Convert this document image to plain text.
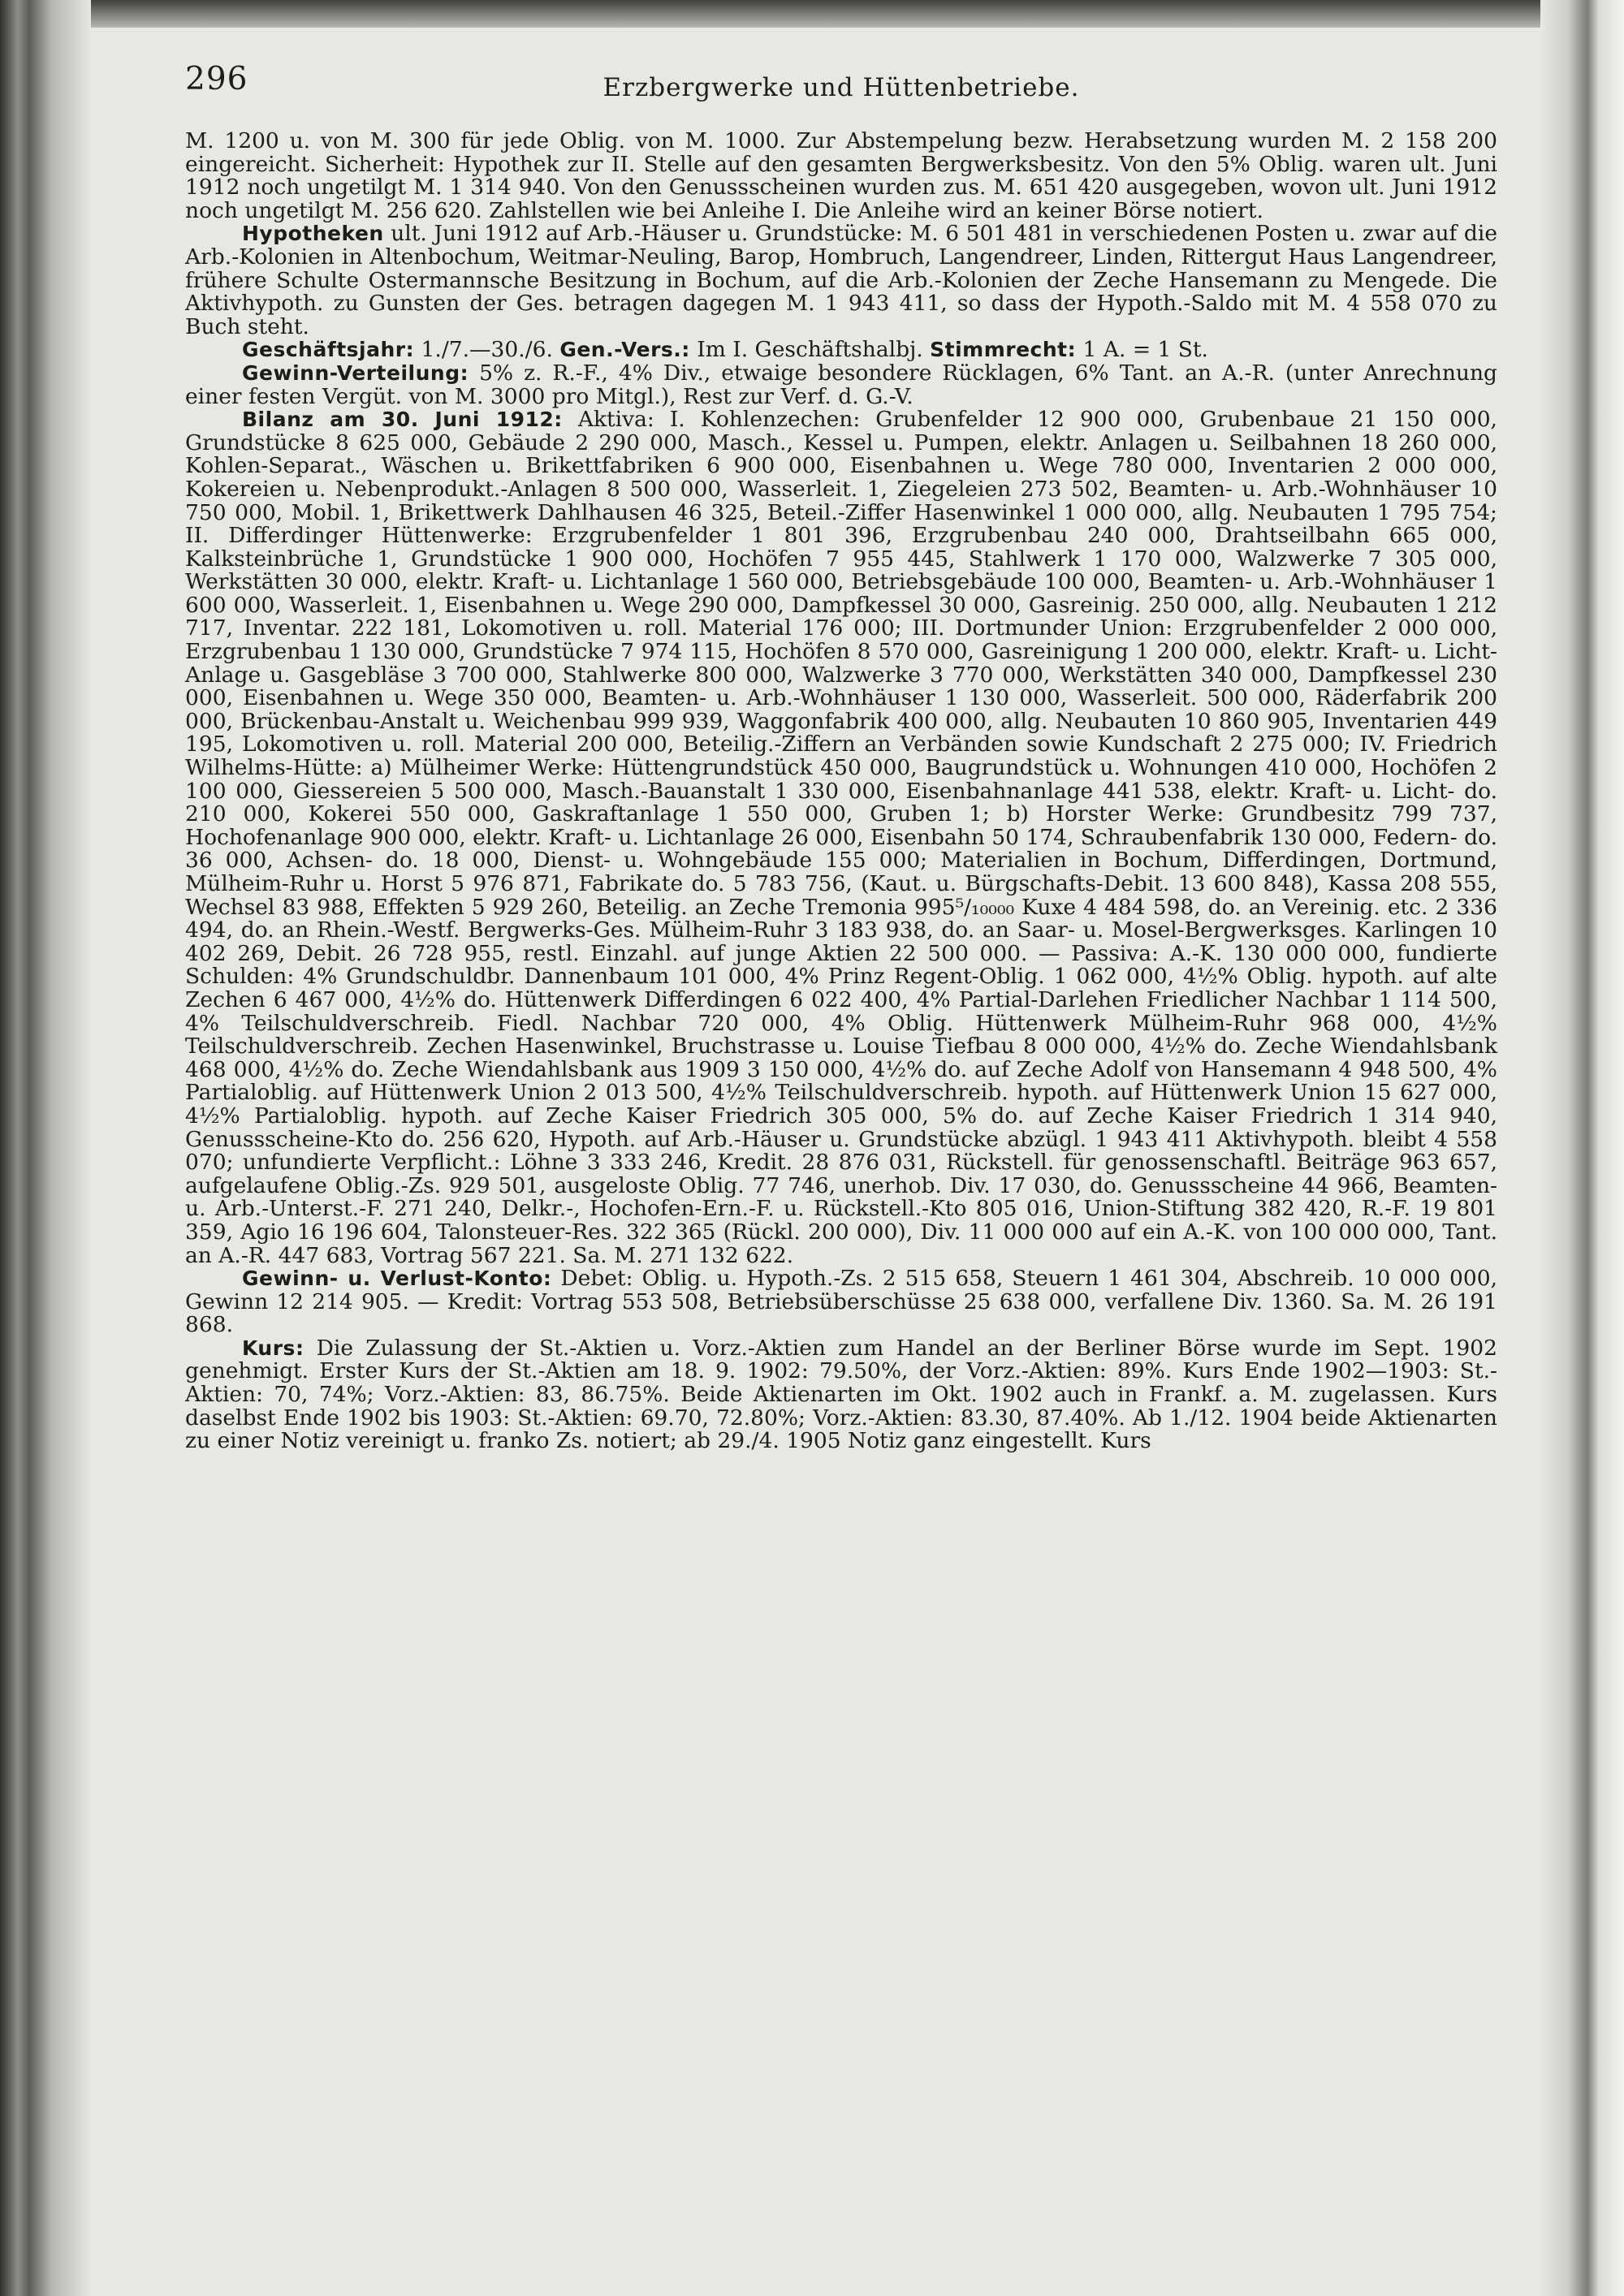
296	Erzbergwerke und Hüttenbetriebe.

M. 1200 u. von M. 300 für jede Oblig. von M. 1000. Zur Abstempelung bezw. Herabsetzung wurden M. 2 158 200 eingereicht. Sicherheit: Hypothek zur II. Stelle auf den gesamten Bergwerksbesitz. Von den 5% Oblig. waren ult. Juni 1912 noch ungetilgt M. 1 314 940. Von den Genussscheinen wurden zus. M. 651 420 ausgegeben, wovon ult. Juni 1912 noch ungetilgt M. 256 620. Zahlstellen wie bei Anleihe I. Die Anleihe wird an keiner Börse notiert.

Hypotheken ult. Juni 1912 auf Arb.-Häuser u. Grundstücke: M. 6 501 481 in verschiedenen Posten u. zwar auf die Arb.-Kolonien in Altenbochum, Weitmar-Neuling, Barop, Hombruch, Langendreer, Linden, Rittergut Haus Langendreer, frühere Schulte Ostermannsche Besitzung in Bochum, auf die Arb.-Kolonien der Zeche Hansemann zu Mengede. Die Aktivhypoth. zu Gunsten der Ges. betragen dagegen M. 1 943 411, so dass der Hypoth.-Saldo mit M. 4 558 070 zu Buch steht.

Geschäftsjahr: 1./7.—30./6. Gen.-Vers.: Im I. Geschäftshalbj. Stimmrecht: 1 A. = 1 St.

Gewinn-Verteilung: 5% z. R.-F., 4% Div., etwaige besondere Rücklagen, 6% Tant. an A.-R. (unter Anrechnung einer festen Vergüt. von M. 3000 pro Mitgl.), Rest zur Verf. d. G.-V.

Bilanz am 30. Juni 1912: Aktiva: I. Kohlenzechen: Grubenfelder 12 900 000, Grubenbaue 21 150 000, Grundstücke 8 625 000, Gebäude 2 290 000, Masch., Kessel u. Pumpen, elektr. Anlagen u. Seilbahnen 18 260 000, Kohlen-Separat., Wäschen u. Brikettfabriken 6 900 000, Eisenbahnen u. Wege 780 000, Inventarien 2 000 000, Kokereien u. Nebenprodukt.-Anlagen 8 500 000, Wasserleit. 1, Ziegeleien 273 502, Beamten- u. Arb.-Wohnhäuser 10 750 000, Mobil. 1, Brikettwerk Dahlhausen 46 325, Beteil.-Ziffer Hasenwinkel 1 000 000, allg. Neubauten 1 795 754; II. Differdinger Hüttenwerke: Erzgrubenfelder 1 801 396, Erzgrubenbau 240 000, Drahtseilbahn 665 000, Kalksteinbrüche 1, Grundstücke 1 900 000, Hochöfen 7 955 445, Stahlwerk 1 170 000, Walzwerke 7 305 000, Werkstätten 30 000, elektr. Kraft- u. Lichtanlage 1 560 000, Betriebsgebäude 100 000, Beamten- u. Arb.-Wohnhäuser 1 600 000, Wasserleit. 1, Eisenbahnen u. Wege 290 000, Dampfkessel 30 000, Gasreinig. 250 000, allg. Neubauten 1 212 717, Inventar. 222 181, Lokomotiven u. roll. Material 176 000; III. Dortmunder Union: Erzgrubenfelder 2 000 000, Erzgrubenbau 1 130 000, Grundstücke 7 974 115, Hochöfen 8 570 000, Gasreinigung 1 200 000, elektr. Kraft- u. Licht-Anlage u. Gasgebläse 3 700 000, Stahlwerke 800 000, Walzwerke 3 770 000, Werkstätten 340 000, Dampfkessel 230 000, Eisenbahnen u. Wege 350 000, Beamten- u. Arb.-Wohnhäuser 1 130 000, Wasserleit. 500 000, Räderfabrik 200 000, Brückenbau-Anstalt u. Weichenbau 999 939, Waggonfabrik 400 000, allg. Neubauten 10 860 905, Inventarien 449 195, Lokomotiven u. roll. Material 200 000, Beteilig.-Ziffern an Verbänden sowie Kundschaft 2 275 000; IV. Friedrich Wilhelms-Hütte: a) Mülheimer Werke: Hüttengrundstück 450 000, Baugrundstück u. Wohnungen 410 000, Hochöfen 2 100 000, Giessereien 5 500 000, Masch.-Bauanstalt 1 330 000, Eisenbahnanlage 441 538, elektr. Kraft- u. Licht- do. 210 000, Kokerei 550 000, Gaskraftanlage 1 550 000, Gruben 1; b) Horster Werke: Grundbesitz 799 737, Hochofenanlage 900 000, elektr. Kraft- u. Lichtanlage 26 000, Eisenbahn 50 174, Schraubenfabrik 130 000, Federn- do. 36 000, Achsen- do. 18 000, Dienst- u. Wohngebäude 155 000; Materialien in Bochum, Differdingen, Dortmund, Mülheim-Ruhr u. Horst 5 976 871, Fabrikate do. 5 783 756, (Kaut. u. Bürgschafts-Debit. 13 600 848), Kassa 208 555, Wechsel 83 988, Effekten 5 929 260, Beteilig. an Zeche Tremonia 995⁵/₁₀₀₀₀ Kuxe 4 484 598, do. an Vereinig. etc. 2 336 494, do. an Rhein.-Westf. Bergwerks-Ges. Mülheim-Ruhr 3 183 938, do. an Saar- u. Mosel-Bergwerksges. Karlingen 10 402 269, Debit. 26 728 955, restl. Einzahl. auf junge Aktien 22 500 000. — Passiva: A.-K. 130 000 000, fundierte Schulden: 4% Grundschuldbr. Dannenbaum 101 000, 4% Prinz Regent-Oblig. 1 062 000, 4½% Oblig. hypoth. auf alte Zechen 6 467 000, 4½% do. Hüttenwerk Differdingen 6 022 400, 4% Partial-Darlehen Friedlicher Nachbar 1 114 500, 4% Teilschuldverschreib. Fiedl. Nachbar 720 000, 4% Oblig. Hüttenwerk Mülheim-Ruhr 968 000, 4½% Teilschuldverschreib. Zechen Hasenwinkel, Bruchstrasse u. Louise Tiefbau 8 000 000, 4½% do. Zeche Wiendahlsbank 468 000, 4½% do. Zeche Wiendahlsbank aus 1909 3 150 000, 4½% do. auf Zeche Adolf von Hansemann 4 948 500, 4% Partialoblig. auf Hüttenwerk Union 2 013 500, 4½% Teilschuldverschreib. hypoth. auf Hüttenwerk Union 15 627 000, 4½% Partialoblig. hypoth. auf Zeche Kaiser Friedrich 305 000, 5% do. auf Zeche Kaiser Friedrich 1 314 940, Genussscheine-Kto do. 256 620, Hypoth. auf Arb.-Häuser u. Grundstücke abzügl. 1 943 411 Aktivhypoth. bleibt 4 558 070; unfundierte Verpflicht.: Löhne 3 333 246, Kredit. 28 876 031, Rückstell. für genossenschaftl. Beiträge 963 657, aufgelaufene Oblig.-Zs. 929 501, ausgeloste Oblig. 77 746, unerhob. Div. 17 030, do. Genussscheine 44 966, Beamten- u. Arb.-Unterst.-F. 271 240, Delkr.-, Hochofen-Ern.-F. u. Rückstell.-Kto 805 016, Union-Stiftung 382 420, R.-F. 19 801 359, Agio 16 196 604, Talonsteuer-Res. 322 365 (Rückl. 200 000), Div. 11 000 000 auf ein A.-K. von 100 000 000, Tant. an A.-R. 447 683, Vortrag 567 221. Sa. M. 271 132 622.

Gewinn- u. Verlust-Konto: Debet: Oblig. u. Hypoth.-Zs. 2 515 658, Steuern 1 461 304, Abschreib. 10 000 000, Gewinn 12 214 905. — Kredit: Vortrag 553 508, Betriebsüberschüsse 25 638 000, verfallene Div. 1360. Sa. M. 26 191 868.

Kurs: Die Zulassung der St.-Aktien u. Vorz.-Aktien zum Handel an der Berliner Börse wurde im Sept. 1902 genehmigt. Erster Kurs der St.-Aktien am 18. 9. 1902: 79.50%, der Vorz.-Aktien: 89%. Kurs Ende 1902—1903: St.-Aktien: 70, 74%; Vorz.-Aktien: 83, 86.75%. Beide Aktienarten im Okt. 1902 auch in Frankf. a. M. zugelassen. Kurs daselbst Ende 1902 bis 1903: St.-Aktien: 69.70, 72.80%; Vorz.-Aktien: 83.30, 87.40%. Ab 1./12. 1904 beide Aktienarten zu einer Notiz vereinigt u. franko Zs. notiert; ab 29./4. 1905 Notiz ganz eingestellt. Kurs
